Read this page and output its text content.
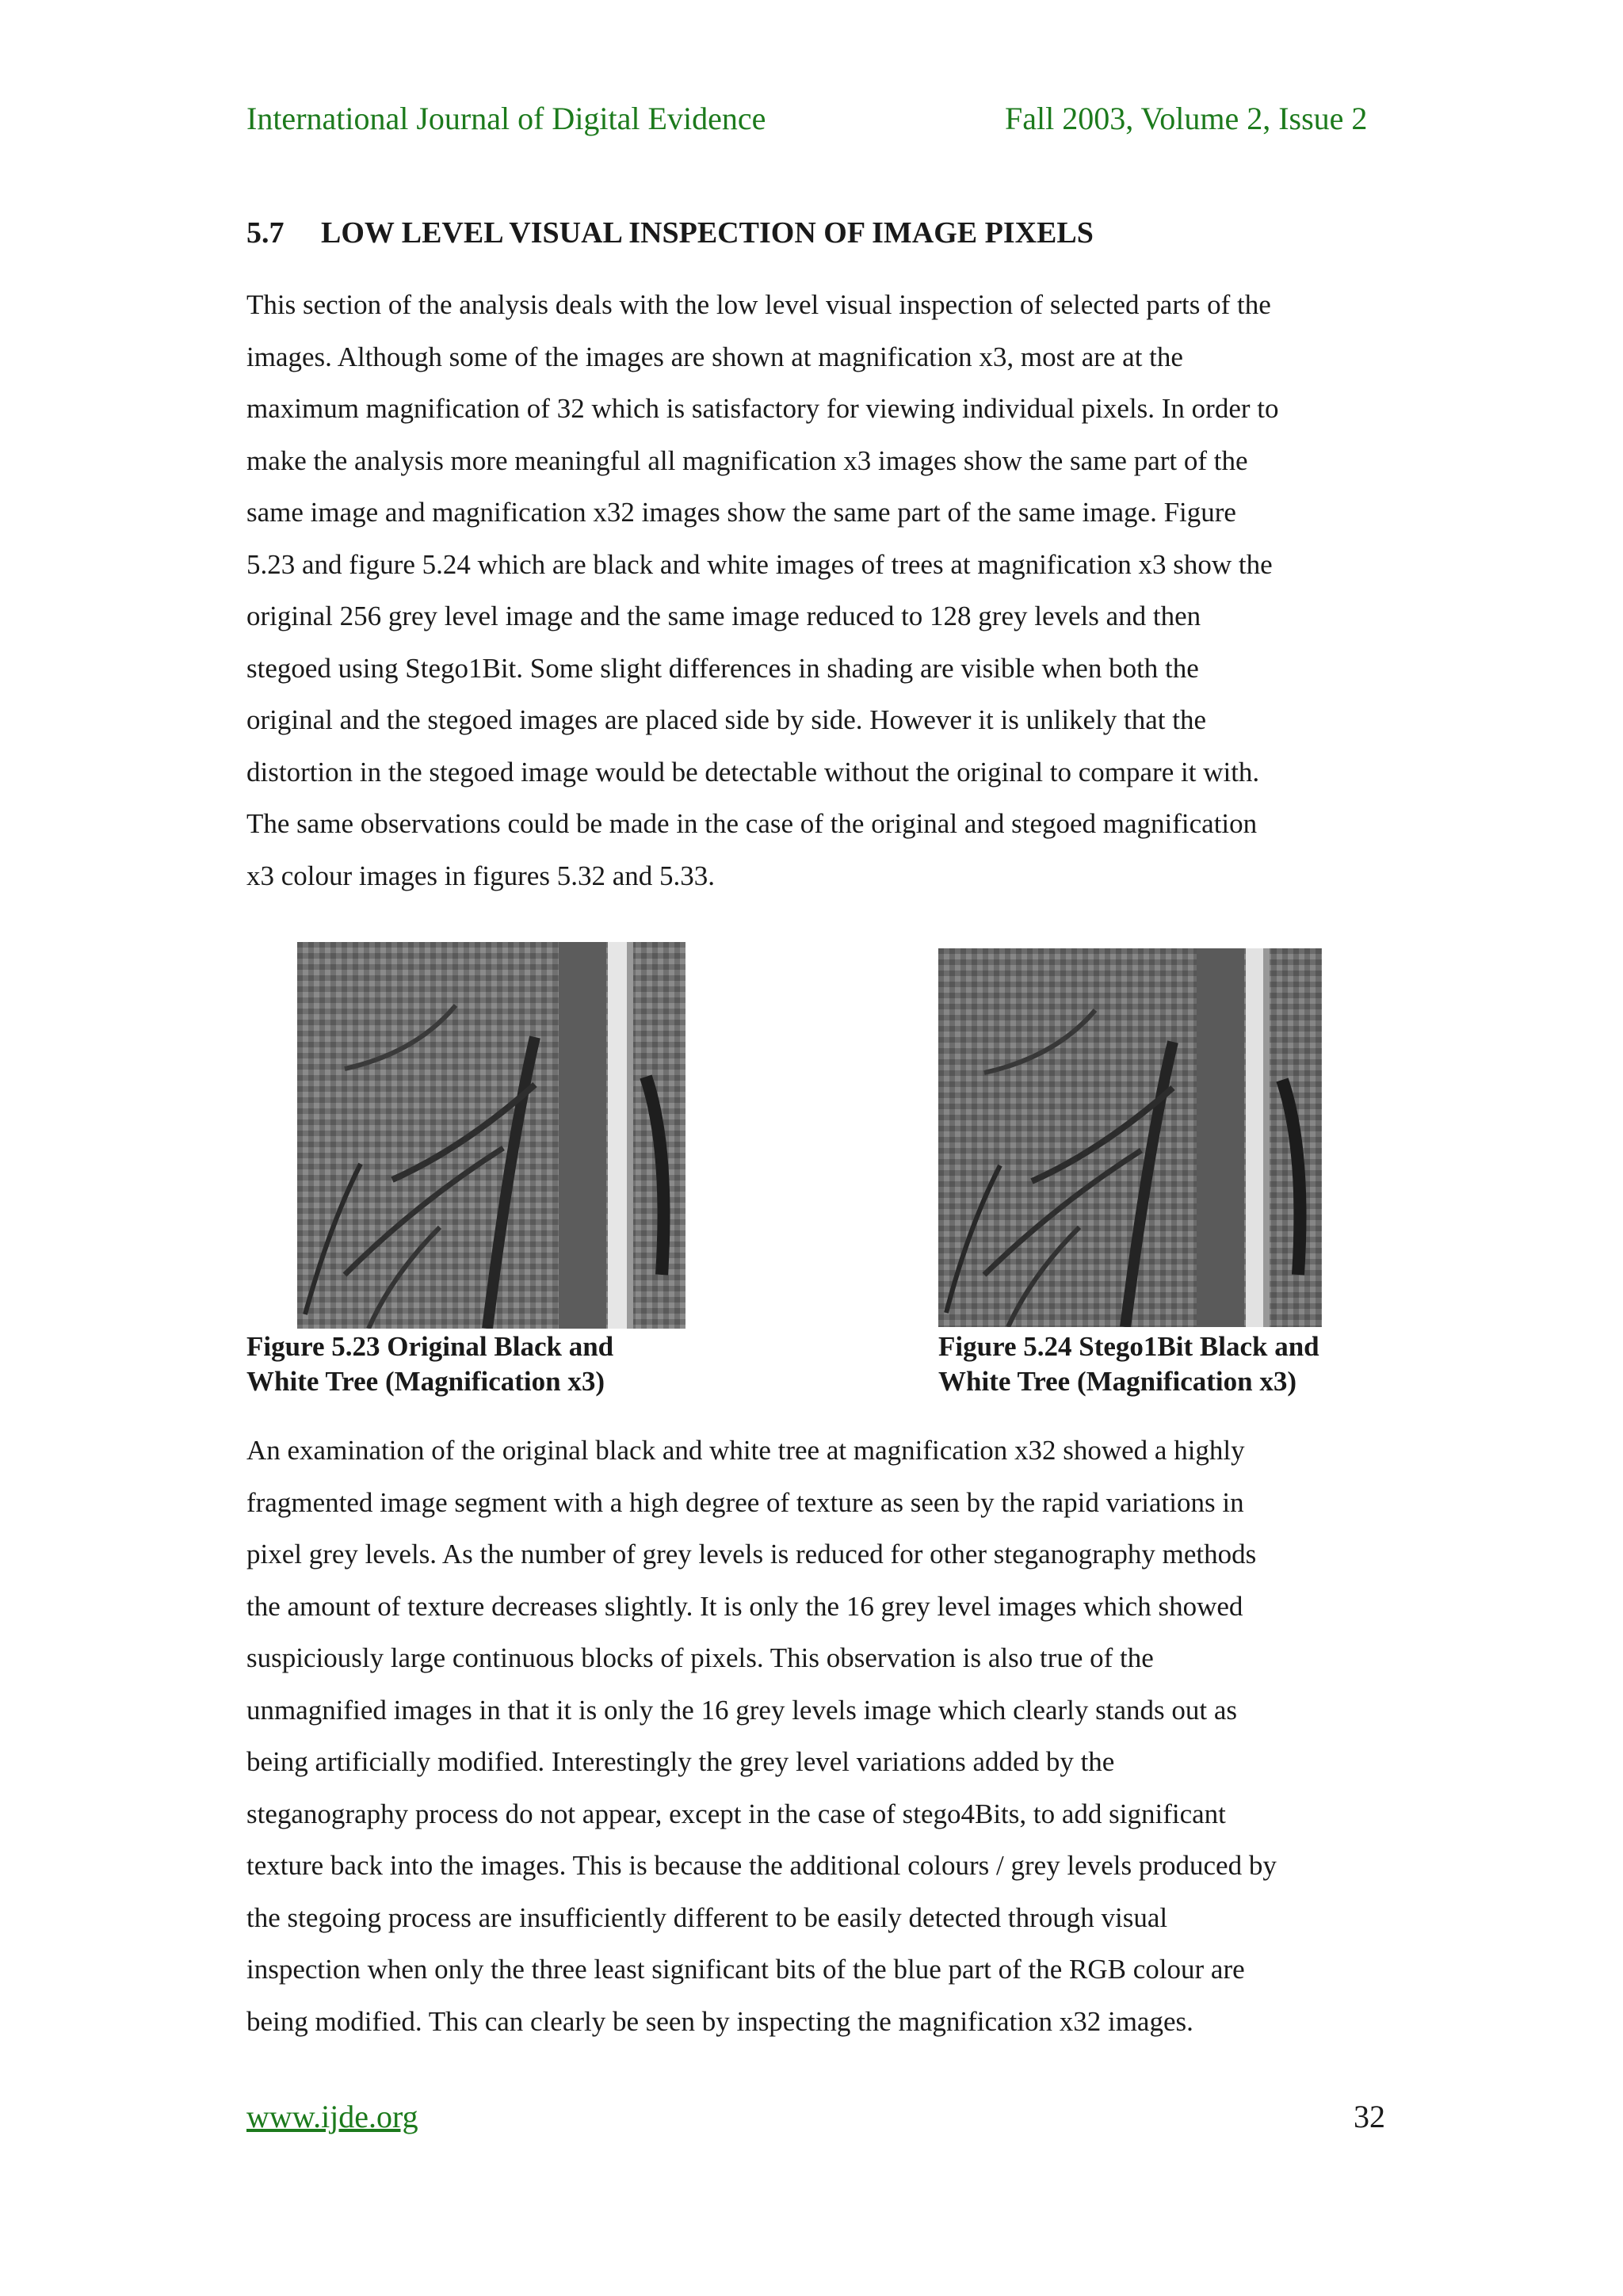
International Journal of Digital Evidence	Fall 2003, Volume 2, Issue 2
5.7 LOW LEVEL VISUAL INSPECTION OF IMAGE PIXELS

This section of the analysis deals with the low level visual inspection of selected parts of the
images. Although some of the images are shown at magnification x3, most are at the
maximum magnification of 32 which is satisfactory for viewing individual pixels. In order to
make the analysis more meaningful all magnification x3 images show the same part of the
same image and magnification x32 images show the same part of the same image. Figure
5.23 and figure 5.24 which are black and white images of trees at magnification x3 show the
original 256 grey level image and the same image reduced to 128 grey levels and then
stegoed using Stego1Bit. Some slight differences in shading are visible when both the
original and the stegoed images are placed side by side. However it is unlikely that the
distortion in the stegoed image would be detectable without the original to compare it with.
The same observations could be made in the case of the original and stegoed magnification
x3 colour images in figures 5.32 and 5.33.

Figure 5.23 Original Black and
White Tree (Magnification x3)
Figure 5.24 Stego1Bit Black and
White Tree (Magnification x3)

An examination of the original black and white tree at magnification x32 showed a highly
fragmented image segment with a high degree of texture as seen by the rapid variations in
pixel grey levels. As the number of grey levels is reduced for other steganography methods
the amount of texture decreases slightly. It is only the 16 grey level images which showed
suspiciously large continuous blocks of pixels. This observation is also true of the
unmagnified images in that it is only the 16 grey levels image which clearly stands out as
being artificially modified. Interestingly the grey level variations added by the
steganography process do not appear, except in the case of stego4Bits, to add significant
texture back into the images. This is because the additional colours / grey levels produced by
the stegoing process are insufficiently different to be easily detected through visual
inspection when only the three least significant bits of the blue part of the RGB colour are
being modified. This can clearly be seen by inspecting the magnification x32 images.

www.ijde.org	32
